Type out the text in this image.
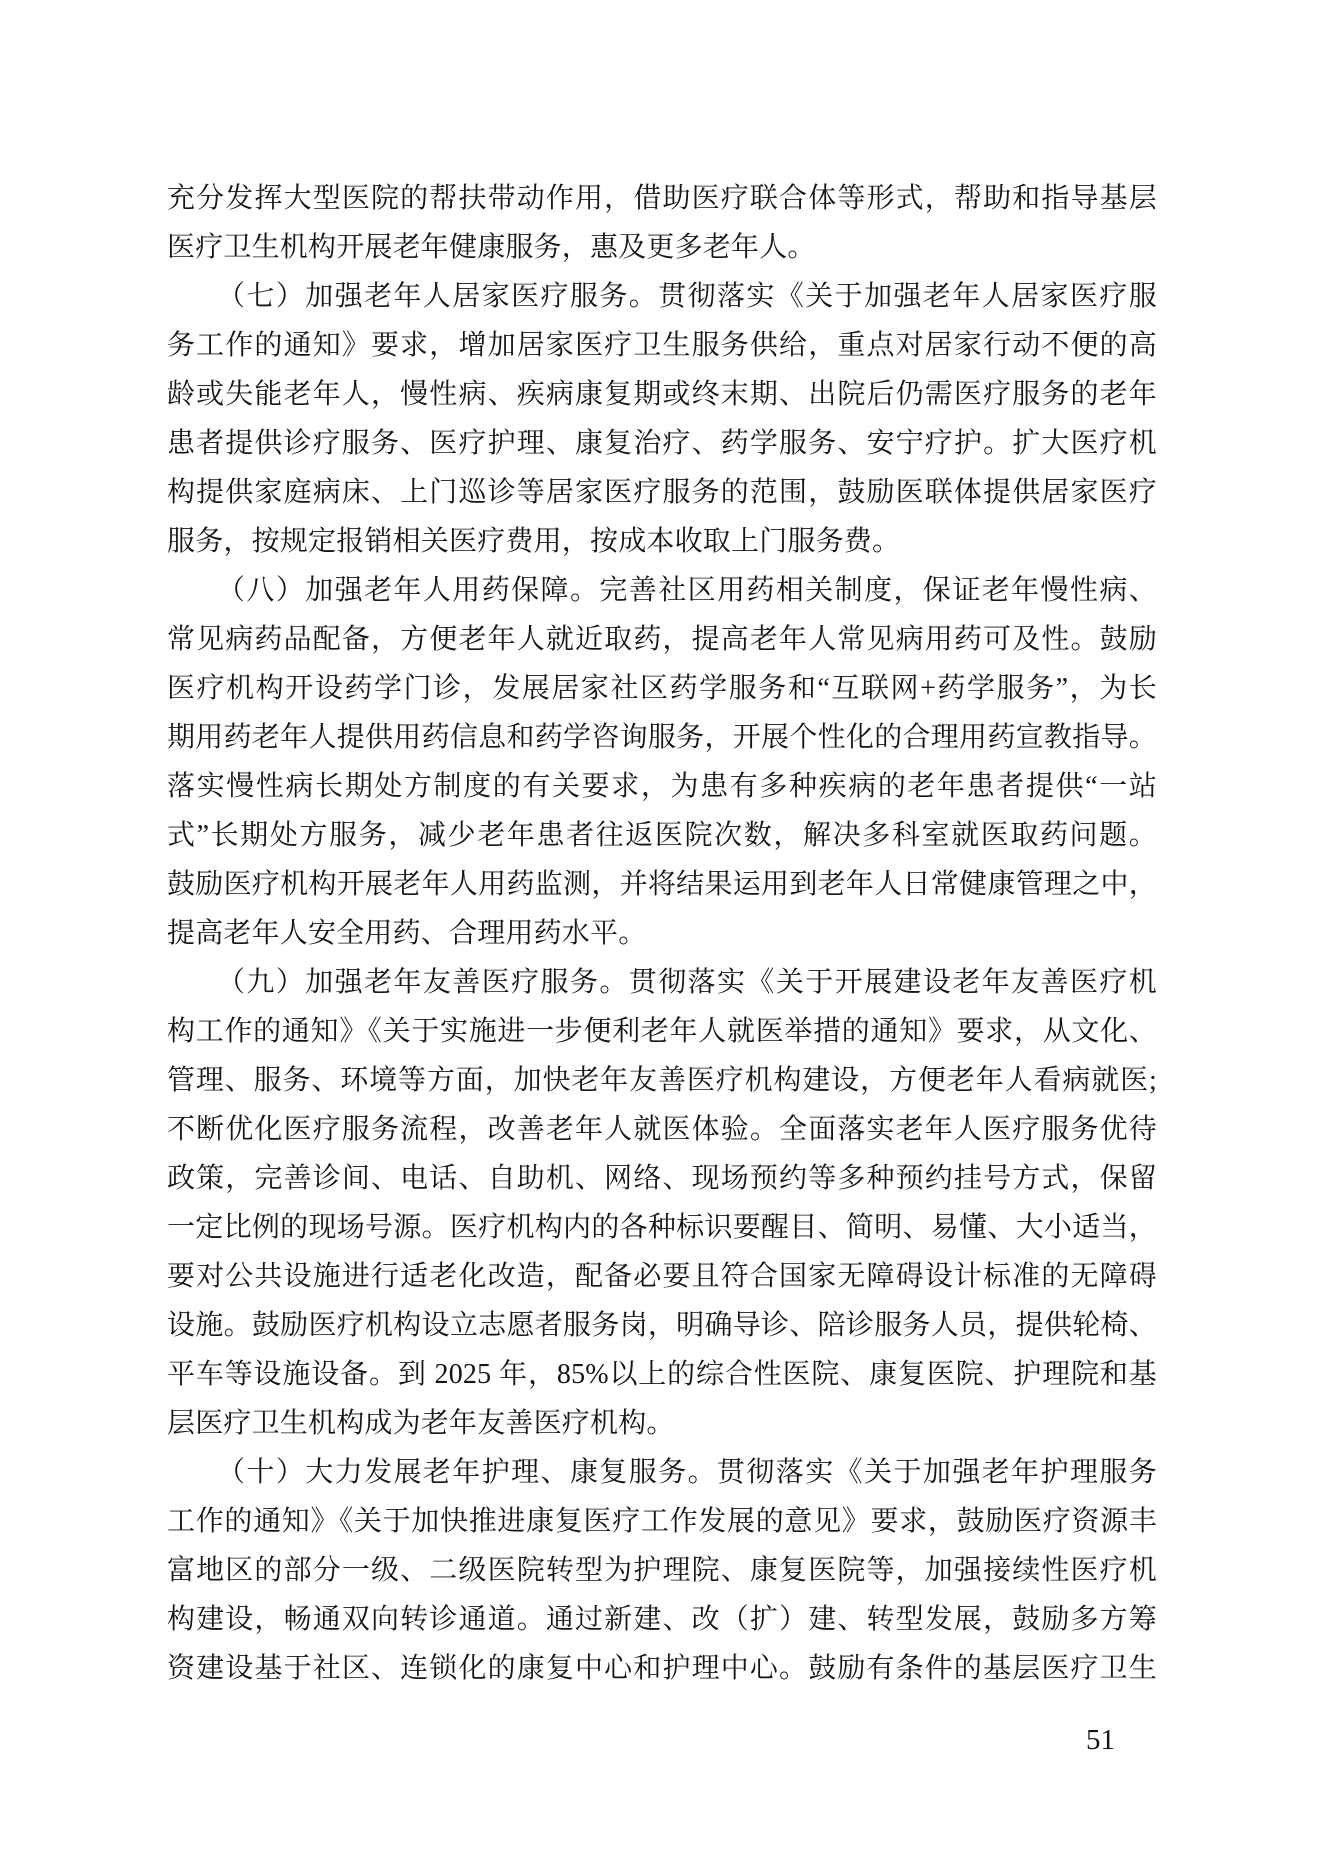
充分发挥大型医院的帮扶带动作用，借助医疗联合体等形式，帮助和指导基层
医疗卫生机构开展老年健康服务，惠及更多老年人。
（七）加强老年人居家医疗服务。贯彻落实《关于加强老年人居家医疗服
务工作的通知》要求，增加居家医疗卫生服务供给，重点对居家行动不便的高
龄或失能老年人，慢性病、疾病康复期或终末期、出院后仍需医疗服务的老年
患者提供诊疗服务、医疗护理、康复治疗、药学服务、安宁疗护。扩大医疗机
构提供家庭病床、上门巡诊等居家医疗服务的范围，鼓励医联体提供居家医疗
服务，按规定报销相关医疗费用，按成本收取上门服务费。
（八）加强老年人用药保障。完善社区用药相关制度，保证老年慢性病、
常见病药品配备，方便老年人就近取药，提高老年人常见病用药可及性。鼓励
医疗机构开设药学门诊，发展居家社区药学服务和“互联网+药学服务”，为长
期用药老年人提供用药信息和药学咨询服务，开展个性化的合理用药宣教指导。
落实慢性病长期处方制度的有关要求，为患有多种疾病的老年患者提供“一站
式”长期处方服务，减少老年患者往返医院次数，解决多科室就医取药问题。
鼓励医疗机构开展老年人用药监测，并将结果运用到老年人日常健康管理之中，
提高老年人安全用药、合理用药水平。
（九）加强老年友善医疗服务。贯彻落实《关于开展建设老年友善医疗机
构工作的通知》《关于实施进一步便利老年人就医举措的通知》要求，从文化、
管理、服务、环境等方面，加快老年友善医疗机构建设，方便老年人看病就医;
不断优化医疗服务流程，改善老年人就医体验。全面落实老年人医疗服务优待
政策，完善诊间、电话、自助机、网络、现场预约等多种预约挂号方式，保留
一定比例的现场号源。医疗机构内的各种标识要醒目、简明、易懂、大小适当，
要对公共设施进行适老化改造，配备必要且符合国家无障碍设计标准的无障碍
设施。鼓励医疗机构设立志愿者服务岗，明确导诊、陪诊服务人员，提供轮椅、
平车等设施设备。到 2025 年，85%以上的综合性医院、康复医院、护理院和基
层医疗卫生机构成为老年友善医疗机构。
（十）大力发展老年护理、康复服务。贯彻落实《关于加强老年护理服务
工作的通知》《关于加快推进康复医疗工作发展的意见》要求，鼓励医疗资源丰
富地区的部分一级、二级医院转型为护理院、康复医院等，加强接续性医疗机
构建设，畅通双向转诊通道。通过新建、改（扩）建、转型发展，鼓励多方筹
资建设基于社区、连锁化的康复中心和护理中心。鼓励有条件的基层医疗卫生
51
